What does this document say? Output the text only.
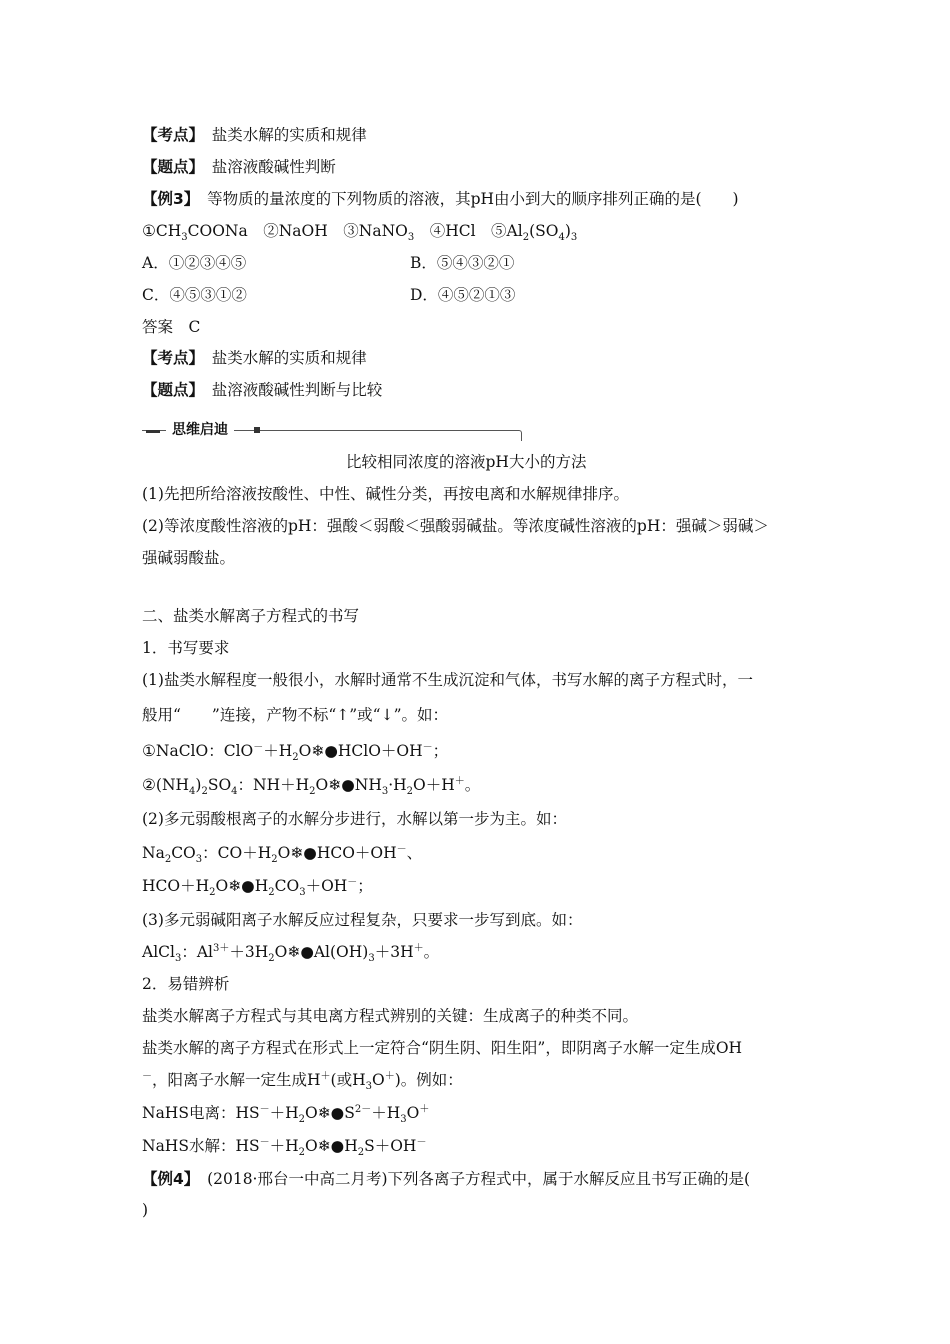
【考点】　 盐类水解的实质和规律
【题点】　 盐溶液酸碱性判断
【例3】　 等物质的量浓度的下列物质的溶液，其pH由小到大的顺序排列正确的是(　　)
$①CH_3COONa$　②NaOH　③NaNO$_3$　④HCl　$⑤Al_2(SO_4)_3$
A．①②③④⑤	B．⑤④③②①
C．④⑤③①②	D．④⑤②①③
答案　C
【考点】　 盐类水解的实质和规律
【题点】　 盐溶液酸碱性判断与比较
思维启迪
比较相同浓度的溶液pH大小的方法
(1)先把所给溶液按酸性、中性、碱性分类，再按电离和水解规律排序。
(2)等浓度酸性溶液的pH：强酸＜弱酸＜强酸弱碱盐。等浓度碱性溶液的pH：强碱＞弱碱＞
强碱弱酸盐。
二、盐类水解离子方程式的书写
1．书写要求
(1)盐类水解程度一般很小，水解时通常不生成沉淀和气体，书写水解的离子方程式时，一
般用“　　”连接，产物不标“↑”或“↓”。如：
①NaClO：$ClO^-+H_2O❄●HClO+OH^-$；
$②(NH_4)_2SO_4$：$NH+H_2O❄●NH_3\cdot H_2O+H^+$。
(2)多元弱酸根离子的水解分步进行，水解以第一步为主。如：
$Na_2CO_3$：$CO+H_2O❄●HCO+OH^-$、
$HCO+H_2O❄●H_2CO_3+OH^-$；
(3)多元弱碱阳离子水解反应过程复杂，只要求一步写到底。如：
AlCl$_3$：$Al^{3+}+3H_2O❄●Al(OH)_3+3H^+$。
2．易错辨析
盐类水解离子方程式与其电离方程式辨别的关键：生成离子的种类不同。
盐类水解的离子方程式在形式上一定符合“阴生阴、阳生阳”，即阴离子水解一定生成OH
－，阳离子水解一定生成H＋(或$H_3O^+$)。例如：
NaHS电离：$HS^-+H_2O❄●S^{2-}+H_3O^+$
NaHS水解：$HS^-+H_2O❄●H_2S+OH^-$
【例4】　 (2018·邢台一中高二月考)下列各离子方程式中，属于水解反应且书写正确的是(
)
